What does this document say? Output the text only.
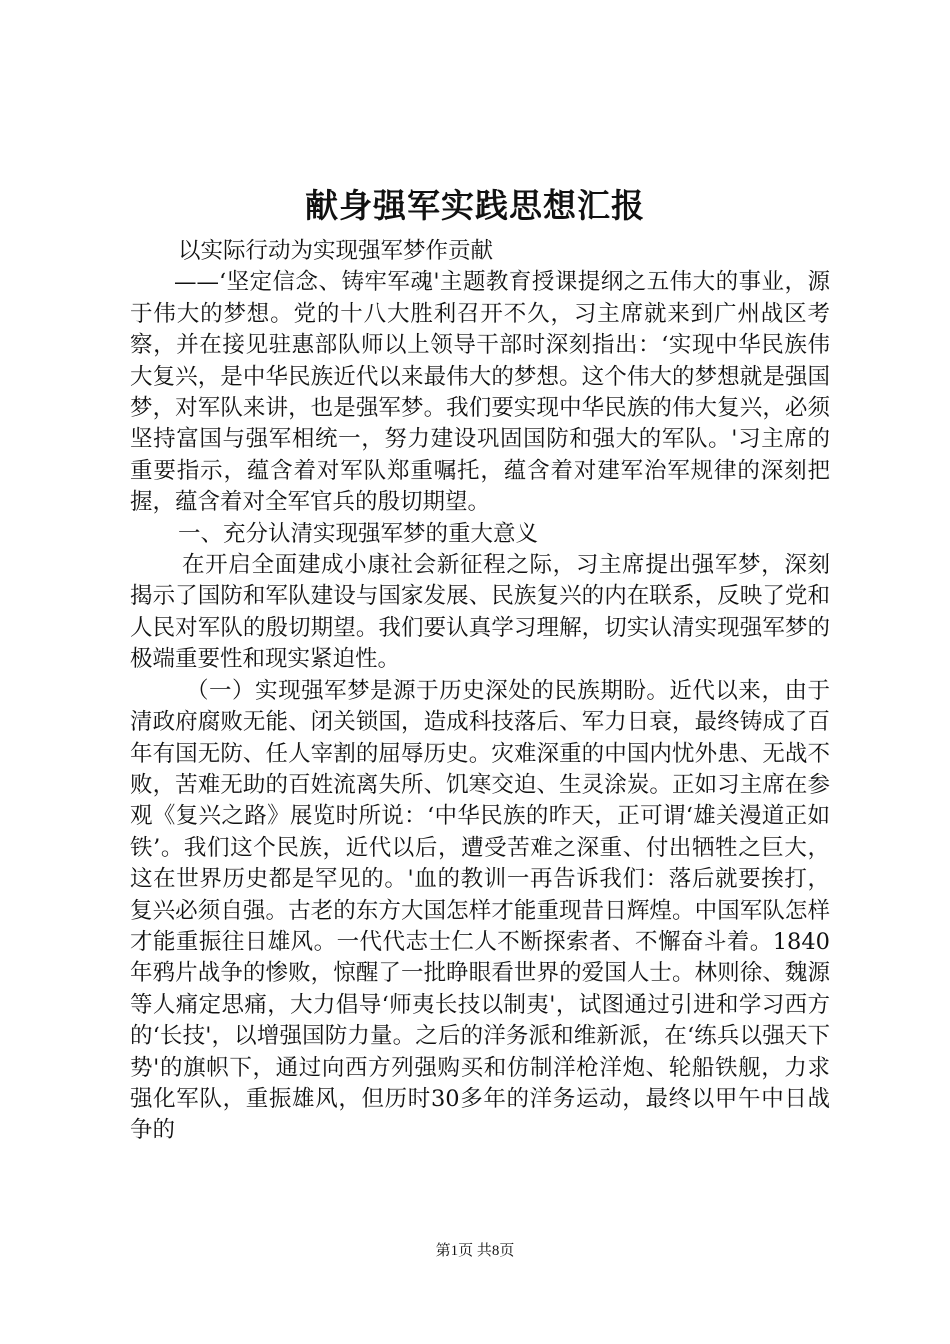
献身强军实践思想汇报

以实际行动为实现强军梦作贡献

——‘坚定信念、铸牢军魂'主题教育授课提纲之五伟大的事业，源于伟大的梦想。党的十八大胜利召开不久，习主席就来到广州战区考察，并在接见驻惠部队师以上领导干部时深刻指出：‘实现中华民族伟大复兴，是中华民族近代以来最伟大的梦想。这个伟大的梦想就是强国梦，对军队来讲，也是强军梦。我们要实现中华民族的伟大复兴，必须坚持富国与强军相统一，努力建设巩固国防和强大的军队。'习主席的重要指示，蕴含着对军队郑重嘱托，蕴含着对建军治军规律的深刻把握，蕴含着对全军官兵的殷切期望。

一、充分认清实现强军梦的重大意义

在开启全面建成小康社会新征程之际，习主席提出强军梦，深刻揭示了国防和军队建设与国家发展、民族复兴的内在联系，反映了党和人民对军队的殷切期望。我们要认真学习理解，切实认清实现强军梦的极端重要性和现实紧迫性。

（一）实现强军梦是源于历史深处的民族期盼。近代以来，由于清政府腐败无能、闭关锁国，造成科技落后、军力日衰，最终铸成了百年有国无防、任人宰割的屈辱历史。灾难深重的中国内忧外患、无战不败，苦难无助的百姓流离失所、饥寒交迫、生灵涂炭。正如习主席在参观《复兴之路》展览时所说：‘中华民族的昨天，正可谓‘雄关漫道正如铁’。我们这个民族，近代以后，遭受苦难之深重、付出牺牲之巨大，这在世界历史都是罕见的。'血的教训一再告诉我们：落后就要挨打，复兴必须自强。古老的东方大国怎样才能重现昔日辉煌。中国军队怎样才能重振往日雄风。一代代志士仁人不断探索者、不懈奋斗着。1840年鸦片战争的惨败，惊醒了一批睁眼看世界的爱国人士。林则徐、魏源等人痛定思痛，大力倡导‘师夷长技以制夷'，试图通过引进和学习西方的‘长技'，以增强国防力量。之后的洋务派和维新派，在‘练兵以强天下势'的旗帜下，通过向西方列强购买和仿制洋枪洋炮、轮船铁舰，力求强化军队，重振雄风，但历时30多年的洋务运动，最终以甲午中日战争的

第1页 共8页
